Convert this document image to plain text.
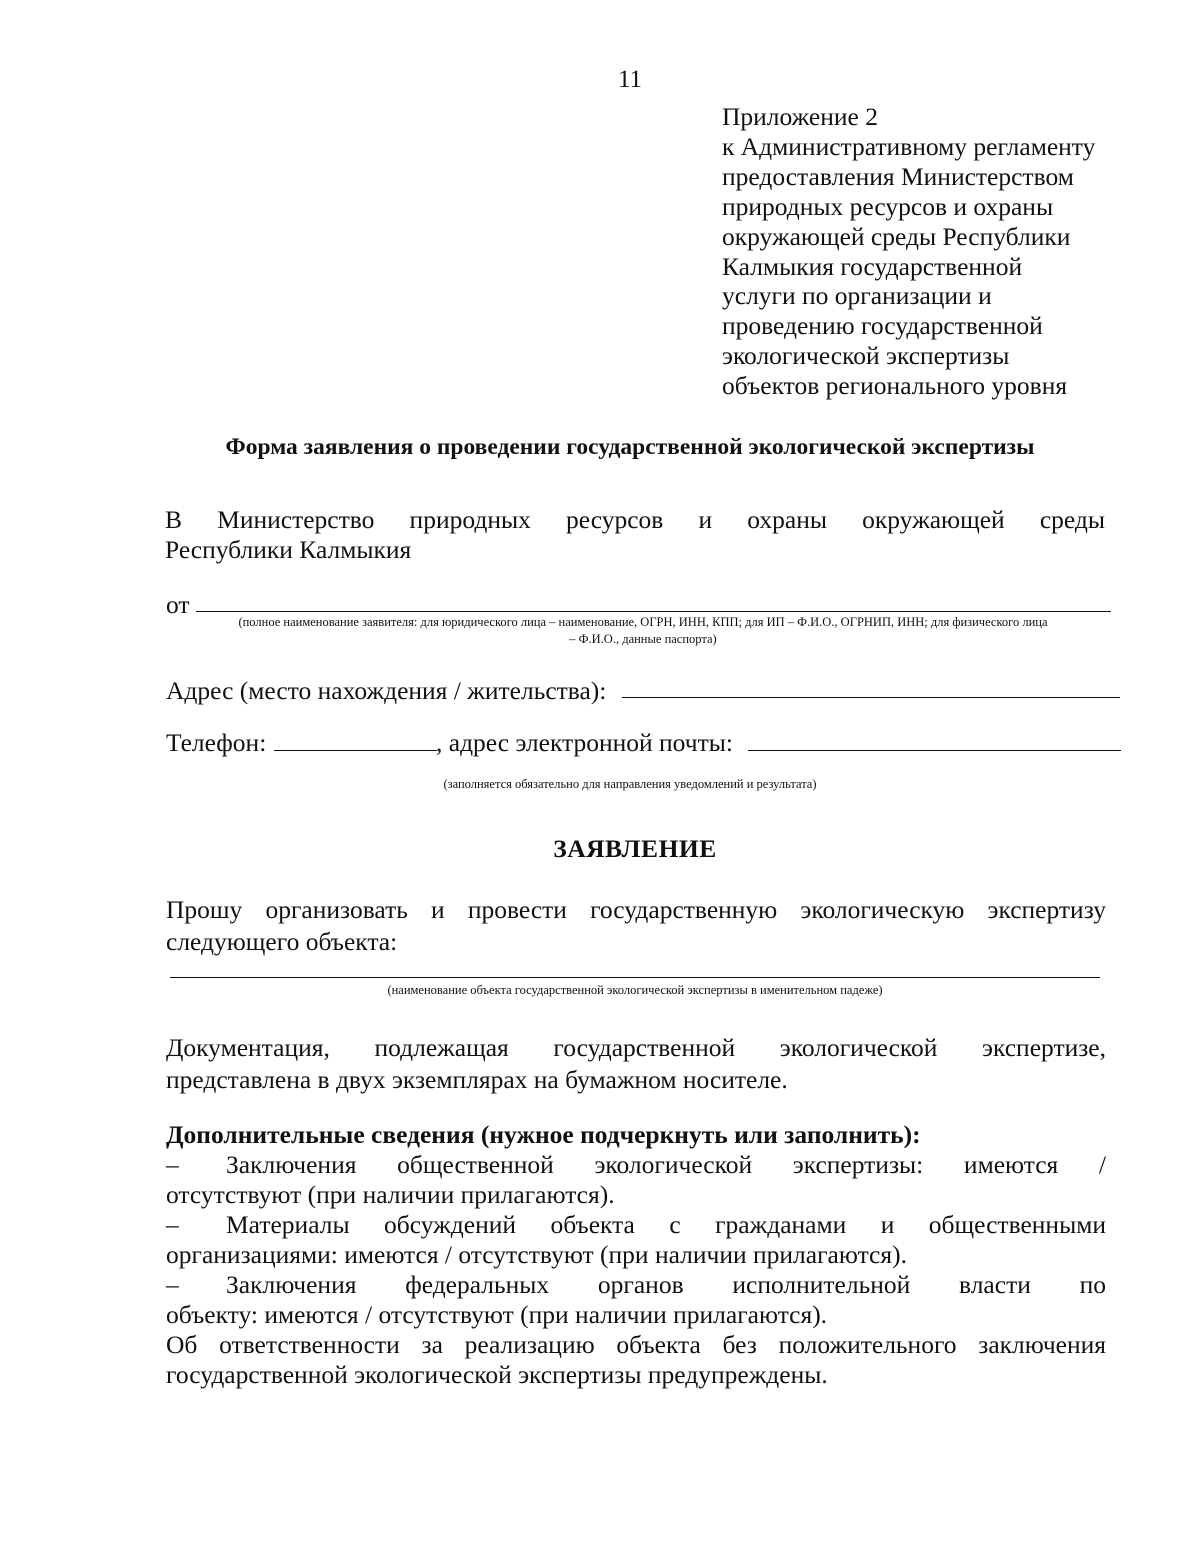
11
Приложение 2
к Административному регламенту
предоставления Министерством
природных ресурсов и охраны
окружающей среды Республики
Калмыкия государственной
услуги по организации и
проведению государственной
экологической экспертизы
объектов регионального уровня
Форма заявления о проведении государственной экологической экспертизы
В Министерство природных ресурсов и охраны окружающей среды
Республики Калмыкия
от
(полное наименование заявителя: для юридического лица – наименование, ОГРН, ИНН, КПП; для ИП – Ф.И.О., ОГРНИП, ИНН; для физического лица
– Ф.И.О., данные паспорта)
Адрес (место нахождения / жительства):
Телефон:	, адрес электронной почты:
(заполняется обязательно для направления уведомлений и результата)
ЗАЯВЛЕНИЕ
Прошу организовать и провести государственную экологическую экспертизу
следующего объекта:
(наименование объекта государственной экологической экспертизы в именительном падеже)
Документация, подлежащая государственной экологической экспертизе,
представлена в двух экземплярах на бумажном носителе.
Дополнительные сведения (нужное подчеркнуть или заполнить):
–	Заключения общественной экологической экспертизы: имеются /
отсутствуют (при наличии прилагаются).
–	Материалы обсуждений объекта с гражданами и общественными
организациями: имеются / отсутствуют (при наличии прилагаются).
–	Заключения федеральных органов исполнительной власти по
объекту: имеются / отсутствуют (при наличии прилагаются).
Об ответственности за реализацию объекта без положительного заключения
государственной экологической экспертизы предупреждены.
